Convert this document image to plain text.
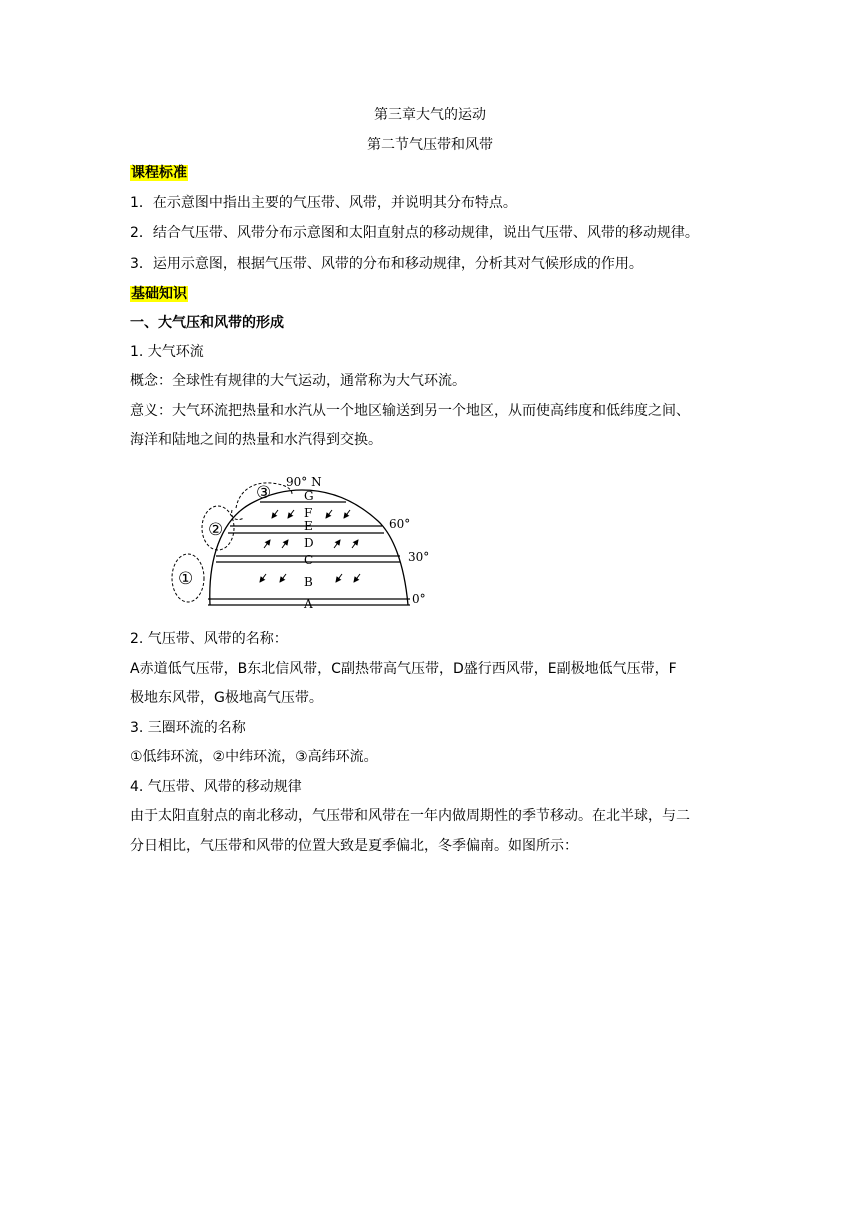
第三章大气的运动
第二节气压带和风带
课程标准
1．在示意图中指出主要的气压带、风带，并说明其分布特点。
2．结合气压带、风带分布示意图和太阳直射点的移动规律，说出气压带、风带的移动规律。
3．运用示意图，根据气压带、风带的分布和移动规律，分析其对气候形成的作用。
基础知识
一、大气压和风带的形成
1. 大气环流
概念：全球性有规律的大气运动，通常称为大气环流。
意义：大气环流把热量和水汽从一个地区输送到另一个地区，从而使高纬度和低纬度之间、
海洋和陆地之间的热量和水汽得到交换。
0°
30°
60°
90° N
A
B
C
D
E
F
G
①
②
③
2. 气压带、风带的名称：
A赤道低气压带，B东北信风带，C副热带高气压带，D盛行西风带，E副极地低气压带，F
极地东风带，G极地高气压带。
3. 三圈环流的名称
①低纬环流，②中纬环流，③高纬环流。
4. 气压带、风带的移动规律
由于太阳直射点的南北移动，气压带和风带在一年内做周期性的季节移动。在北半球，与二
分日相比，气压带和风带的位置大致是夏季偏北，冬季偏南。如图所示：
